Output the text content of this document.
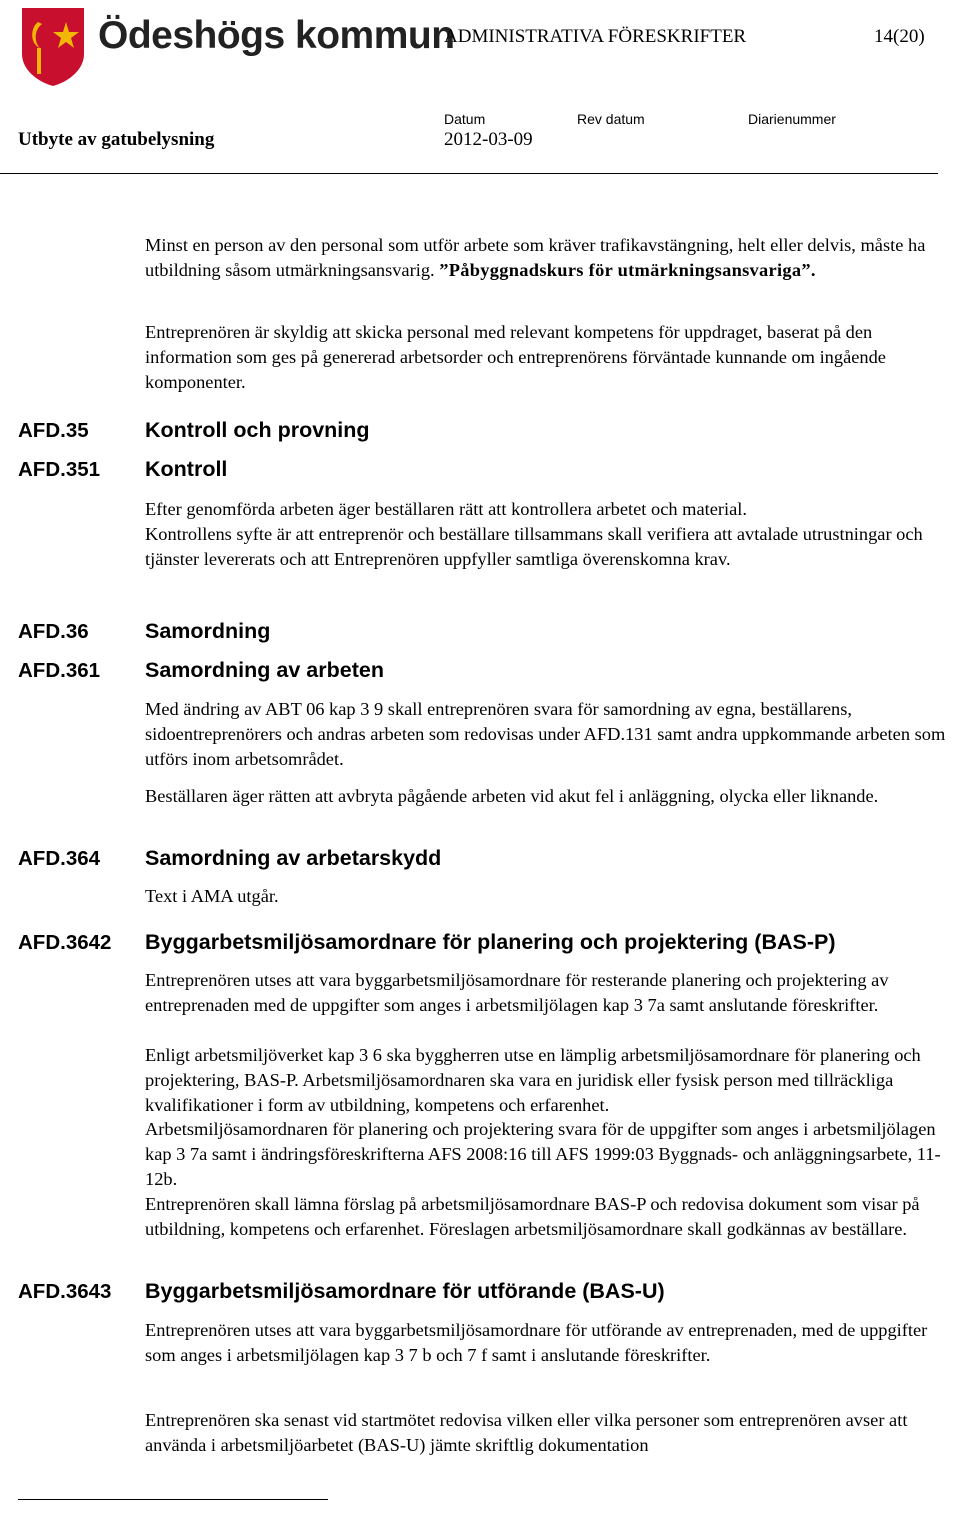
Ödeshögs kommun
ADMINISTRATIVA FÖRESKRIFTER	14(20)
Utbyte av gatubelysning
Datum	Rev datum	Diarienummer
2012-03-09
Minst en person av den personal som utför arbete som kräver trafikavstängning, helt eller delvis, måste ha utbildning såsom utmärkningsansvarig. ”Påbyggnadskurs för utmärkningsansvariga”.
Entreprenören är skyldig att skicka personal med relevant kompetens för uppdraget, baserat på den information som ges på genererad arbetsorder och entreprenörens förväntade kunnande om ingående komponenter.
AFD.35	Kontroll och provning
AFD.351 Kontroll
Efter genomförda arbeten äger beställaren rätt att kontrollera arbetet och material.
Kontrollens syfte är att entreprenör och beställare tillsammans skall verifiera att avtalade utrustningar och tjänster levererats och att Entreprenören uppfyller samtliga överenskomna krav.
AFD.36	Samordning
AFD.361 Samordning av arbeten
Med ändring av ABT 06 kap 3 9 skall entreprenören svara för samordning av egna, beställarens, sidoentreprenörers och andras arbeten som redovisas under AFD.131 samt andra uppkommande arbeten som utförs inom arbetsområdet.
Beställaren äger rätten att avbryta pågående arbeten vid akut fel i anläggning, olycka eller liknande.
AFD.364 Samordning av arbetarskydd
Text i AMA utgår.
AFD.3642 Byggarbetsmiljösamordnare för planering och projektering (BAS-P)
Entreprenören utses att vara byggarbetsmiljösamordnare för resterande planering och projektering av entreprenaden med de uppgifter som anges i arbetsmiljölagen kap 3 7a samt anslutande föreskrifter.
Enligt arbetsmiljöverket kap 3 6 ska byggherren utse en lämplig arbetsmiljösamordnare för planering och projektering, BAS-P. Arbetsmiljösamordnaren ska vara en juridisk eller fysisk person med tillräckliga kvalifikationer i form av utbildning, kompetens och erfarenhet.
Arbetsmiljösamordnaren för planering och projektering svara för de uppgifter som anges i arbetsmiljölagen kap 3 7a samt i ändringsföreskrifterna AFS 2008:16 till AFS 1999:03 Byggnads- och anläggningsarbete, 11-12b.
Entreprenören skall lämna förslag på arbetsmiljösamordnare BAS-P och redovisa dokument som visar på utbildning, kompetens och erfarenhet. Föreslagen arbetsmiljösamordnare skall godkännas av beställare.
AFD.3643 Byggarbetsmiljösamordnare för utförande (BAS-U)
Entreprenören utses att vara byggarbetsmiljösamordnare för utförande av entreprenaden, med de uppgifter som anges i arbetsmiljölagen kap 3 7 b och 7 f samt i anslutande föreskrifter.
Entreprenören ska senast vid startmötet redovisa vilken eller vilka personer som entreprenören avser att använda i arbetsmiljöarbetet (BAS-U) jämte skriftlig dokumentation
